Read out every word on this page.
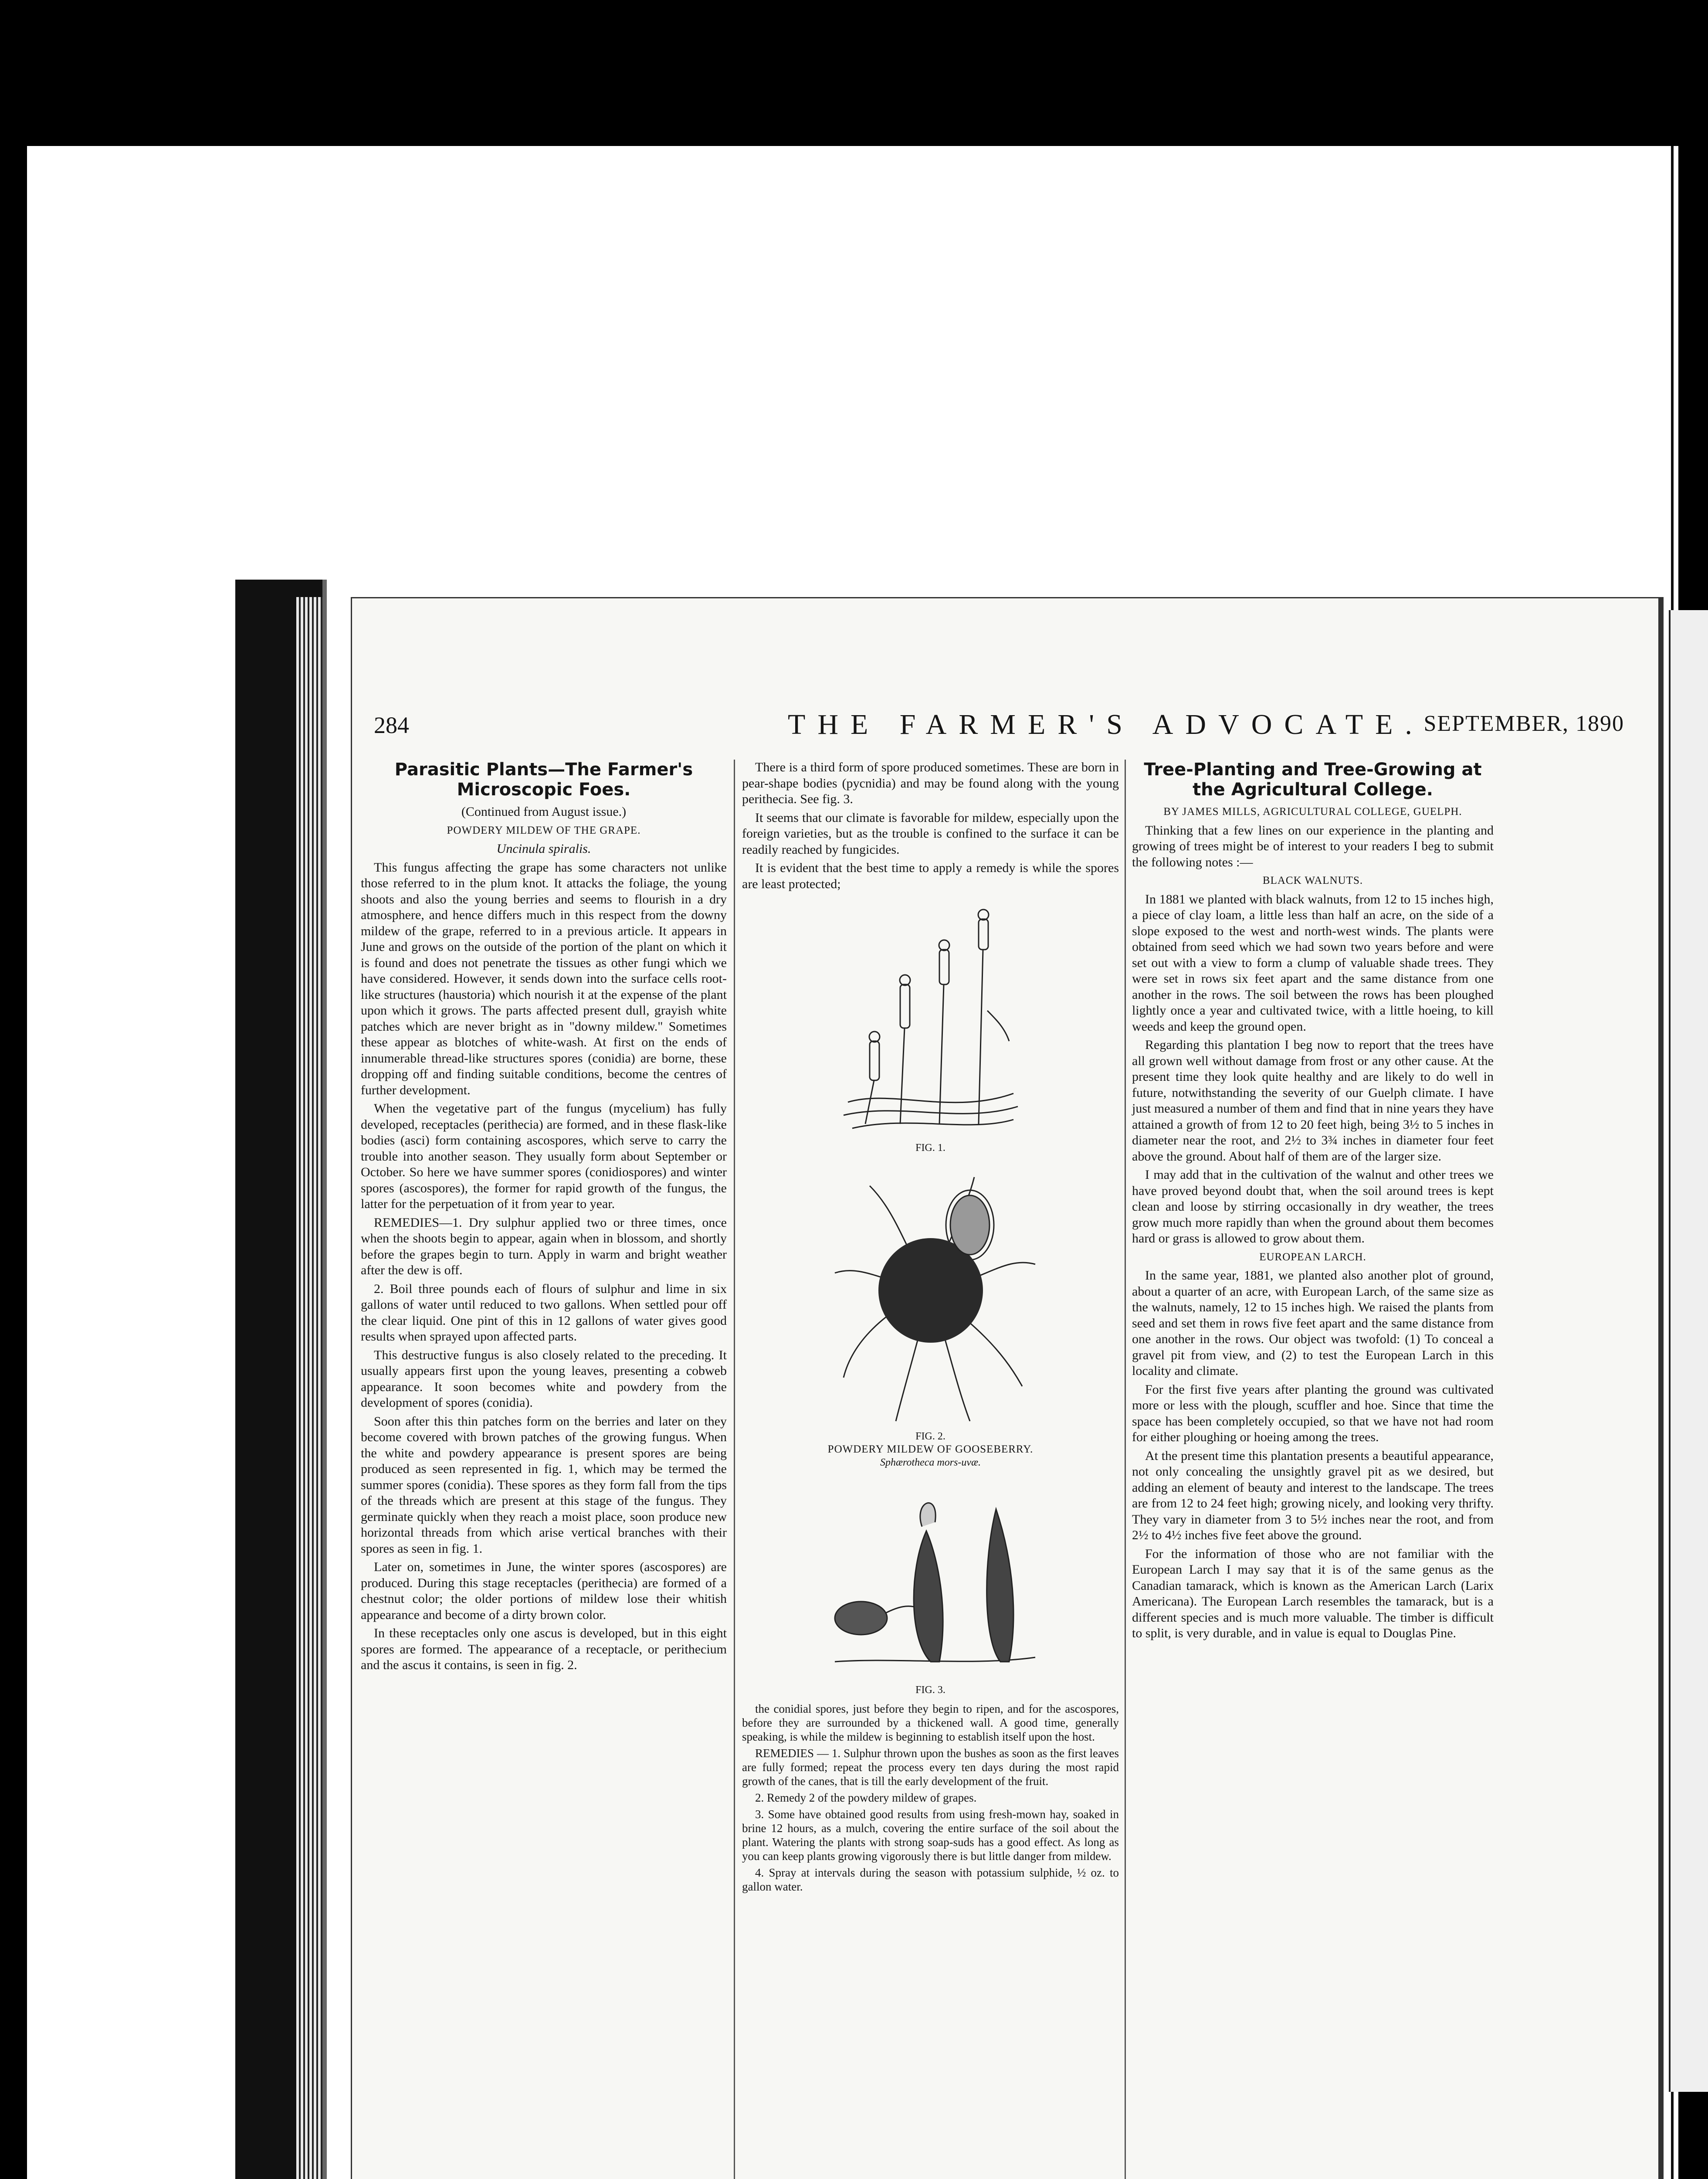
284	THE FARMER'S ADVOCATE.
SEPTEMBER, 1890
Parasitic Plants—The Farmer's Microscopic Foes.

(Continued from August issue.)

POWDERY MILDEW OF THE GRAPE.

Uncinula spiralis.

This fungus affecting the grape has some characters not unlike those referred to in the plum knot. It attacks the foliage, the young shoots and also the young berries and seems to flourish in a dry atmosphere, and hence differs much in this respect from the downy mildew of the grape, referred to in a previous article. It appears in June and grows on the outside of the portion of the plant on which it is found and does not penetrate the tissues as other fungi which we have considered. However, it sends down into the surface cells root-like structures (haustoria) which nourish it at the expense of the plant upon which it grows. The parts affected present dull, grayish white patches which are never bright as in "downy mildew." Sometimes these appear as blotches of white-wash. At first on the ends of innumerable thread-like structures spores (conidia) are borne, these dropping off and finding suitable conditions, become the centres of further development.

When the vegetative part of the fungus (mycelium) has fully developed, receptacles (perithecia) are formed, and in these flask-like bodies (asci) form containing ascospores, which serve to carry the trouble into another season. They usually form about September or October. So here we have summer spores (conidiospores) and winter spores (ascospores), the former for rapid growth of the fungus, the latter for the perpetuation of it from year to year.

REMEDIES—1. Dry sulphur applied two or three times, once when the shoots begin to appear, again when in blossom, and shortly before the grapes begin to turn. Apply in warm and bright weather after the dew is off.

2. Boil three pounds each of flours of sulphur and lime in six gallons of water until reduced to two gallons. When settled pour off the clear liquid. One pint of this in 12 gallons of water gives good results when sprayed upon affected parts.

This destructive fungus is also closely related to the preceding. It usually appears first upon the young leaves, presenting a cobweb appearance. It soon becomes white and powdery from the development of spores (conidia).

Soon after this thin patches form on the berries and later on they become covered with brown patches of the growing fungus. When the white and powdery appearance is present spores are being produced as seen represented in fig. 1, which may be termed the summer spores (conidia). These spores as they form fall from the tips of the threads which are present at this stage of the fungus. They germinate quickly when they reach a moist place, soon produce new horizontal threads from which arise vertical branches with their spores as seen in fig. 1.

Later on, sometimes in June, the winter spores (ascospores) are produced. During this stage receptacles (perithecia) are formed of a chestnut color; the older portions of mildew lose their whitish appearance and become of a dirty brown color.

In these receptacles only one ascus is developed, but in this eight spores are formed. The appearance of a receptacle, or perithecium and the ascus it contains, is seen in fig. 2.

There is a third form of spore produced sometimes. These are born in pear-shape bodies (pycnidia) and may be found along with the young perithecia. See fig. 3.

It seems that our climate is favorable for mildew, especially upon the foreign varieties, but as the trouble is confined to the surface it can be readily reached by fungicides.

It is evident that the best time to apply a remedy is while the spores are least protected;

FIG. 1.
FIG. 2.
POWDERY MILDEW OF GOOSEBERRY.
Sphærotheca mors-uvæ.
FIG. 3.

the conidial spores, just before they begin to ripen, and for the ascospores, before they are surrounded by a thickened wall. A good time, generally speaking, is while the mildew is beginning to establish itself upon the host.

REMEDIES — 1. Sulphur thrown upon the bushes as soon as the first leaves are fully formed; repeat the process every ten days during the most rapid growth of the canes, that is till the early development of the fruit.

2. Remedy 2 of the powdery mildew of grapes.

3. Some have obtained good results from using fresh-mown hay, soaked in brine 12 hours, as a mulch, covering the entire surface of the soil about the plant. Watering the plants with strong soap-suds has a good effect. As long as you can keep plants growing vigorously there is but little danger from mildew.

4. Spray at intervals during the season with potassium sulphide, ½ oz. to gallon water.

Tree-Planting and Tree-Growing at the Agricultural College.

BY JAMES MILLS, AGRICULTURAL COLLEGE, GUELPH.

Thinking that a few lines on our experience in the planting and growing of trees might be of interest to your readers I beg to submit the following notes :—

BLACK WALNUTS.

In 1881 we planted with black walnuts, from 12 to 15 inches high, a piece of clay loam, a little less than half an acre, on the side of a slope exposed to the west and north-west winds. The plants were obtained from seed which we had sown two years before and were set out with a view to form a clump of valuable shade trees. They were set in rows six feet apart and the same distance from one another in the rows. The soil between the rows has been ploughed lightly once a year and cultivated twice, with a little hoeing, to kill weeds and keep the ground open.

Regarding this plantation I beg now to report that the trees have all grown well without damage from frost or any other cause. At the present time they look quite healthy and are likely to do well in future, notwithstanding the severity of our Guelph climate. I have just measured a number of them and find that in nine years they have attained a growth of from 12 to 20 feet high, being 3½ to 5 inches in diameter near the root, and 2½ to 3¾ inches in diameter four feet above the ground. About half of them are of the larger size.

I may add that in the cultivation of the walnut and other trees we have proved beyond doubt that, when the soil around trees is kept clean and loose by stirring occasionally in dry weather, the trees grow much more rapidly than when the ground about them becomes hard or grass is allowed to grow about them.

EUROPEAN LARCH.

In the same year, 1881, we planted also another plot of ground, about a quarter of an acre, with European Larch, of the same size as the walnuts, namely, 12 to 15 inches high. We raised the plants from seed and set them in rows five feet apart and the same distance from one another in the rows. Our object was twofold: (1) To conceal a gravel pit from view, and (2) to test the European Larch in this locality and climate.

For the first five years after planting the ground was cultivated more or less with the plough, scuffler and hoe. Since that time the space has been completely occupied, so that we have not had room for either ploughing or hoeing among the trees.

At the present time this plantation presents a beautiful appearance, not only concealing the unsightly gravel pit as we desired, but adding an element of beauty and interest to the landscape. The trees are from 12 to 24 feet high; growing nicely, and looking very thrifty. They vary in diameter from 3 to 5½ inches near the root, and from 2½ to 4½ inches five feet above the ground.

For the information of those who are not familiar with the European Larch I may say that it is of the same genus as the Canadian tamarack, which is known as the American Larch (Larix Americana). The European Larch resembles the tamarack, but is a different species and is much more valuable. The timber is difficult to split, is very durable, and in value is equal to Douglas Pine.
